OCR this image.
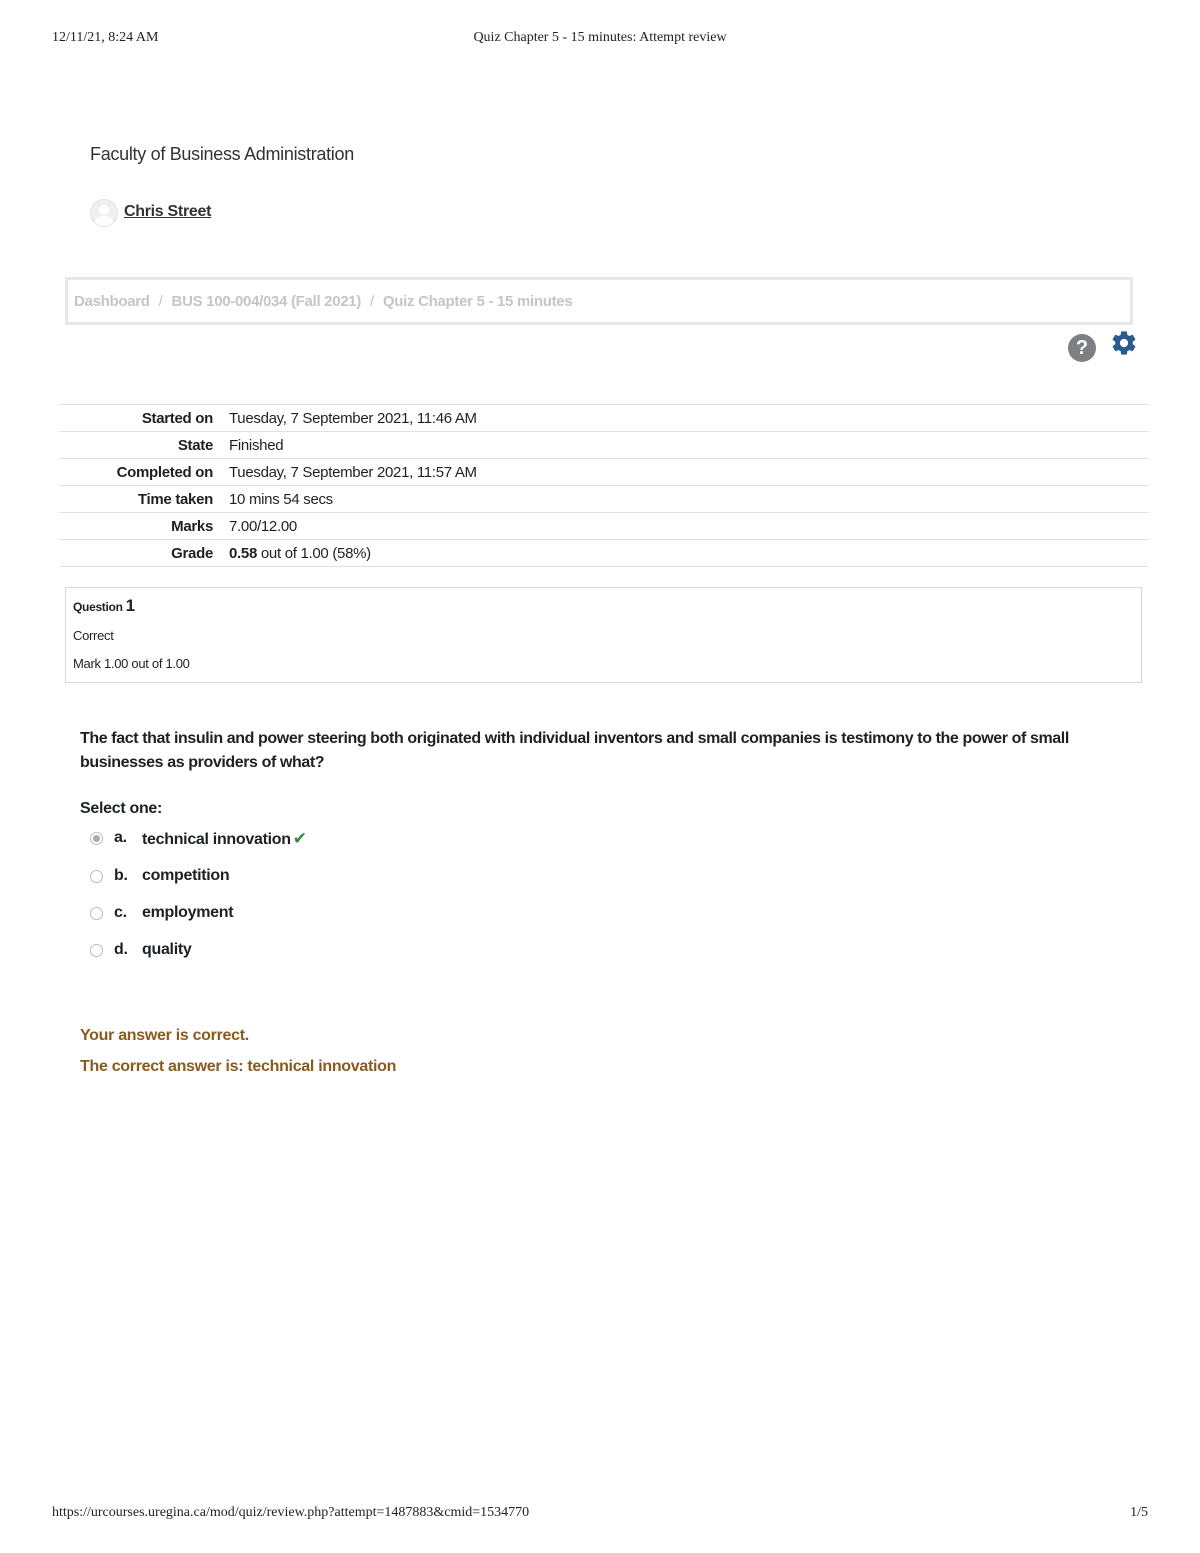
12/11/21, 8:24 AM	Quiz Chapter 5 - 15 minutes: Attempt review
Faculty of Business Administration
Chris Street
Dashboard / BUS 100-004/034 (Fall 2021) / Quiz Chapter 5 - 15 minutes
?
Started on	Tuesday, 7 September 2021, 11:46 AM
State	Finished
Completed on	Tuesday, 7 September 2021, 11:57 AM
Time taken	10 mins 54 secs
Marks	7.00/12.00
Grade	0.58 out of 1.00 (58%)
Question 1
Correct
Mark 1.00 out of 1.00
The fact that insulin and power steering both originated with individual inventors and small companies is testimony to the power of small businesses as providers of what?
Select one:
a. technical innovation ✔
b. competition
c. employment
d. quality
Your answer is correct.
The correct answer is: technical innovation
https://urcourses.uregina.ca/mod/quiz/review.php?attempt=1487883&cmid=1534770	1/5
